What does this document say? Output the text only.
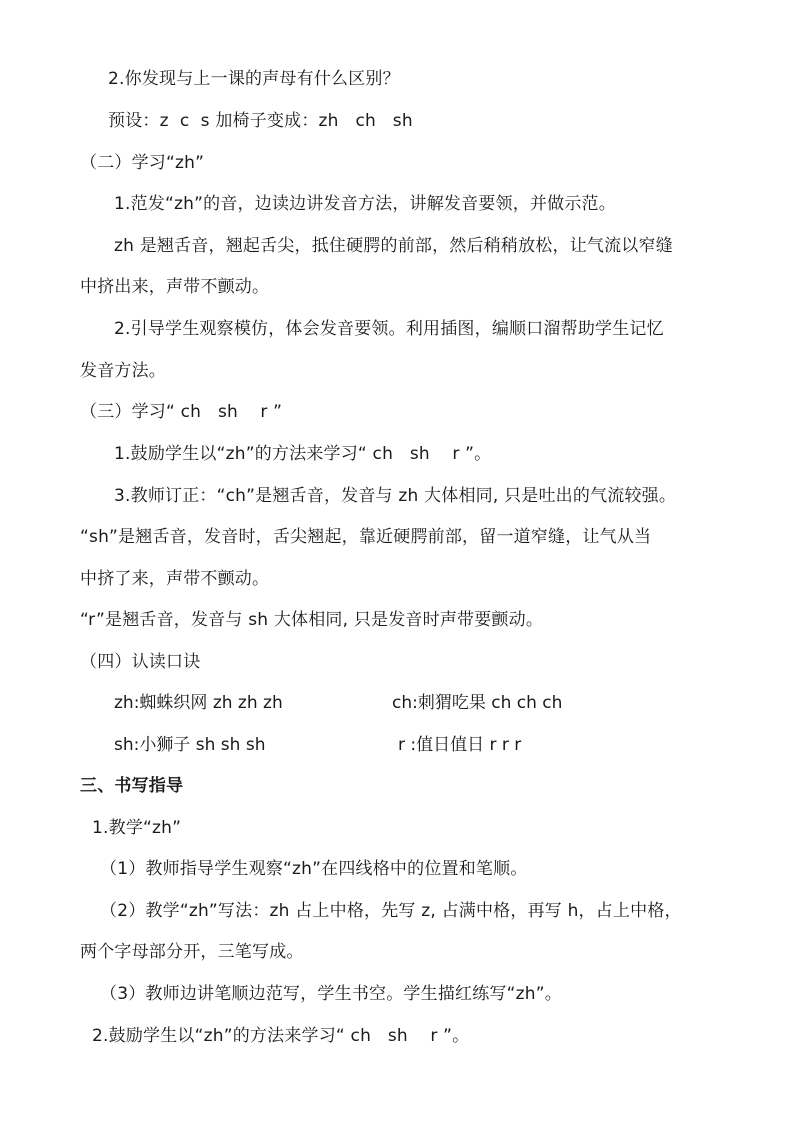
2.你发现与上一课的声母有什么区别？
预设：z  c  s 加椅子变成：zh   ch   sh
（二）学习“zh”
1.范发“zh”的音，边读边讲发音方法，讲解发音要领，并做示范。
zh 是翘舌音，翘起舌尖，抵住硬腭的前部，然后稍稍放松，让气流以窄缝
中挤出来，声带不颤动。
2.引导学生观察模仿，体会发音要领。利用插图，编顺口溜帮助学生记忆
发音方法。
（三）学习“ ch   sh    r ”
1.鼓励学生以“zh”的方法来学习“ ch   sh    r ”。
3.教师订正：“ch”是翘舌音，发音与 zh 大体相同, 只是吐出的气流较强。
“sh”是翘舌音，发音时，舌尖翘起，靠近硬腭前部，留一道窄缝，让气从当
中挤了来，声带不颤动。
“r”是翘舌音，发音与 sh 大体相同, 只是发音时声带要颤动。
（四）认读口诀
zh:蜘蛛织网 zh zh zh	ch:刺猬吃果 ch ch ch
sh:小狮子 sh sh sh	r :值日值日 r r r
三、书写指导
1.教学“zh”
（1）教师指导学生观察“zh”在四线格中的位置和笔顺。
（2）教学“zh”写法：zh 占上中格，先写 z, 占满中格，再写 h，占上中格，
两个字母部分开，三笔写成。
（3）教师边讲笔顺边范写，学生书空。学生描红练写“zh”。
2.鼓励学生以“zh”的方法来学习“ ch   sh    r ”。
